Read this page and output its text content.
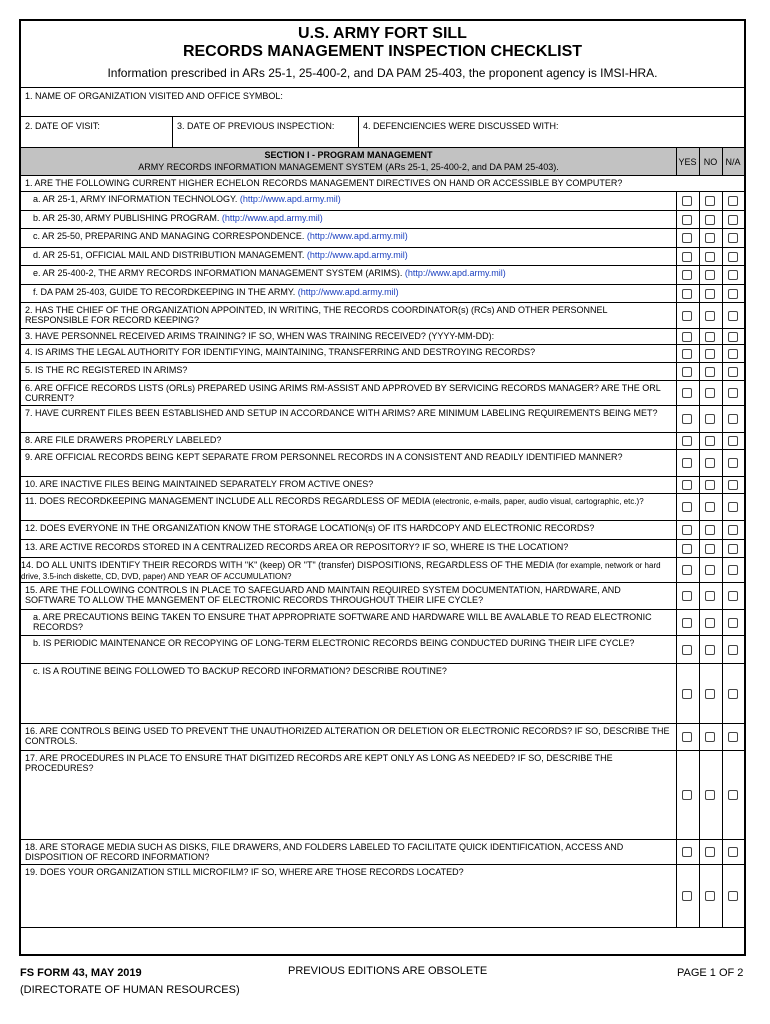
U.S. ARMY FORT SILL
RECORDS MANAGEMENT INSPECTION CHECKLIST
Information prescribed in ARs 25-1, 25-400-2, and DA PAM 25-403, the proponent agency is IMSI-HRA.
1. NAME OF ORGANIZATION VISITED AND OFFICE SYMBOL:
2. DATE OF VISIT:	3. DATE OF PREVIOUS INSPECTION:	4. DEFENCIENCIES WERE DISCUSSED WITH:
SECTION I - PROGRAM MANAGEMENT
ARMY RECORDS INFORMATION MANAGEMENT SYSTEM (ARs 25-1, 25-400-2, and DA PAM 25-403).
YES NO N/A
1. ARE THE FOLLOWING CURRENT HIGHER ECHELON RECORDS MANAGEMENT DIRECTIVES ON HAND OR ACCESSIBLE BY COMPUTER?
a. AR 25-1, ARMY INFORMATION TECHNOLOGY. (http://www.apd.army.mil)
b. AR 25-30, ARMY PUBLISHING PROGRAM. (http://www.apd.army.mil)
c. AR 25-50, PREPARING AND MANAGING CORRESPONDENCE. (http://www.apd.army.mil)
d. AR 25-51, OFFICIAL MAIL AND DISTRIBUTION MANAGEMENT. (http://www.apd.army.mil)
e. AR 25-400-2, THE ARMY RECORDS INFORMATION MANAGEMENT SYSTEM (ARIMS). (http://www.apd.army.mil)
f. DA PAM 25-403, GUIDE TO RECORDKEEPING IN THE ARMY. (http://www.apd.army.mil)
2. HAS THE CHIEF OF THE ORGANIZATION APPOINTED, IN WRITING, THE RECORDS COORDINATOR(s) (RCs) AND OTHER PERSONNEL RESPONSIBLE FOR RECORD KEEPING?
3. HAVE PERSONNEL RECEIVED ARIMS TRAINING? IF SO, WHEN WAS TRAINING RECEIVED? (YYYY-MM-DD):
4. IS ARIMS THE LEGAL AUTHORITY FOR IDENTIFYING, MAINTAINING, TRANSFERRING AND DESTROYING RECORDS?
5. IS THE RC REGISTERED IN ARIMS?
6. ARE OFFICE RECORDS LISTS (ORLs) PREPARED USING ARIMS RM-ASSIST AND APPROVED BY SERVICING RECORDS MANAGER? ARE THE ORL CURRENT?
7. HAVE CURRENT FILES BEEN ESTABLISHED AND SETUP IN ACCORDANCE WITH ARIMS? ARE MINIMUM LABELING REQUIREMENTS BEING MET?
8. ARE FILE DRAWERS PROPERLY LABELED?
9. ARE OFFICIAL RECORDS BEING KEPT SEPARATE FROM PERSONNEL RECORDS IN A CONSISTENT AND READILY IDENTIFIED MANNER?
10. ARE INACTIVE FILES BEING MAINTAINED SEPARATELY FROM ACTIVE ONES?
11. DOES RECORDKEEPING MANAGEMENT INCLUDE ALL RECORDS REGARDLESS OF MEDIA (electronic, e-mails, paper, audio visual, cartographic, etc.)?
12. DOES EVERYONE IN THE ORGANIZATION KNOW THE STORAGE LOCATION(s) OF ITS HARDCOPY AND ELECTRONIC RECORDS?
13. ARE ACTIVE RECORDS STORED IN A CENTRALIZED RECORDS AREA OR REPOSITORY? IF SO, WHERE IS THE LOCATION?
14. DO ALL UNITS IDENTIFY THEIR RECORDS WITH "K" (keep) OR "T" (transfer) DISPOSITIONS, REGARDLESS OF THE MEDIA (for example, network or hard drive, 3.5-inch diskette, CD, DVD, paper) AND YEAR OF ACCUMULATION?
15. ARE THE FOLLOWING CONTROLS IN PLACE TO SAFEGUARD AND MAINTAIN REQUIRED SYSTEM DOCUMENTATION, HARDWARE, AND SOFTWARE TO ALLOW THE MANGEMENT OF ELECTRONIC RECORDS THROUGHOUT THEIR LIFE CYCLE?
a. ARE PRECAUTIONS BEING TAKEN TO ENSURE THAT APPROPRIATE SOFTWARE AND HARDWARE WILL BE AVALABLE TO READ ELECTRONIC RECORDS?
b. IS PERIODIC MAINTENANCE OR RECOPYING OF LONG-TERM ELECTRONIC RECORDS BEING CONDUCTED DURING THEIR LIFE CYCLE?
c. IS A ROUTINE BEING FOLLOWED TO BACKUP RECORD INFORMATION? DESCRIBE ROUTINE?
16. ARE CONTROLS BEING USED TO PREVENT THE UNAUTHORIZED ALTERATION OR DELETION OR ELECTRONIC RECORDS? IF SO, DESCRIBE THE CONTROLS.
17. ARE PROCEDURES IN PLACE TO ENSURE THAT DIGITIZED RECORDS ARE KEPT ONLY AS LONG AS NEEDED? IF SO, DESCRIBE THE PROCEDURES?
18. ARE STORAGE MEDIA SUCH AS DISKS, FILE DRAWERS, AND FOLDERS LABELED TO FACILITATE QUICK IDENTIFICATION, ACCESS AND DISPOSITION OF RECORD INFORMATION?
19. DOES YOUR ORGANIZATION STILL MICROFILM? IF SO, WHERE ARE THOSE RECORDS LOCATED?
FS FORM 43, MAY 2019
(DIRECTORATE OF HUMAN RESOURCES)
PREVIOUS EDITIONS ARE OBSOLETE	PAGE 1 OF 2
